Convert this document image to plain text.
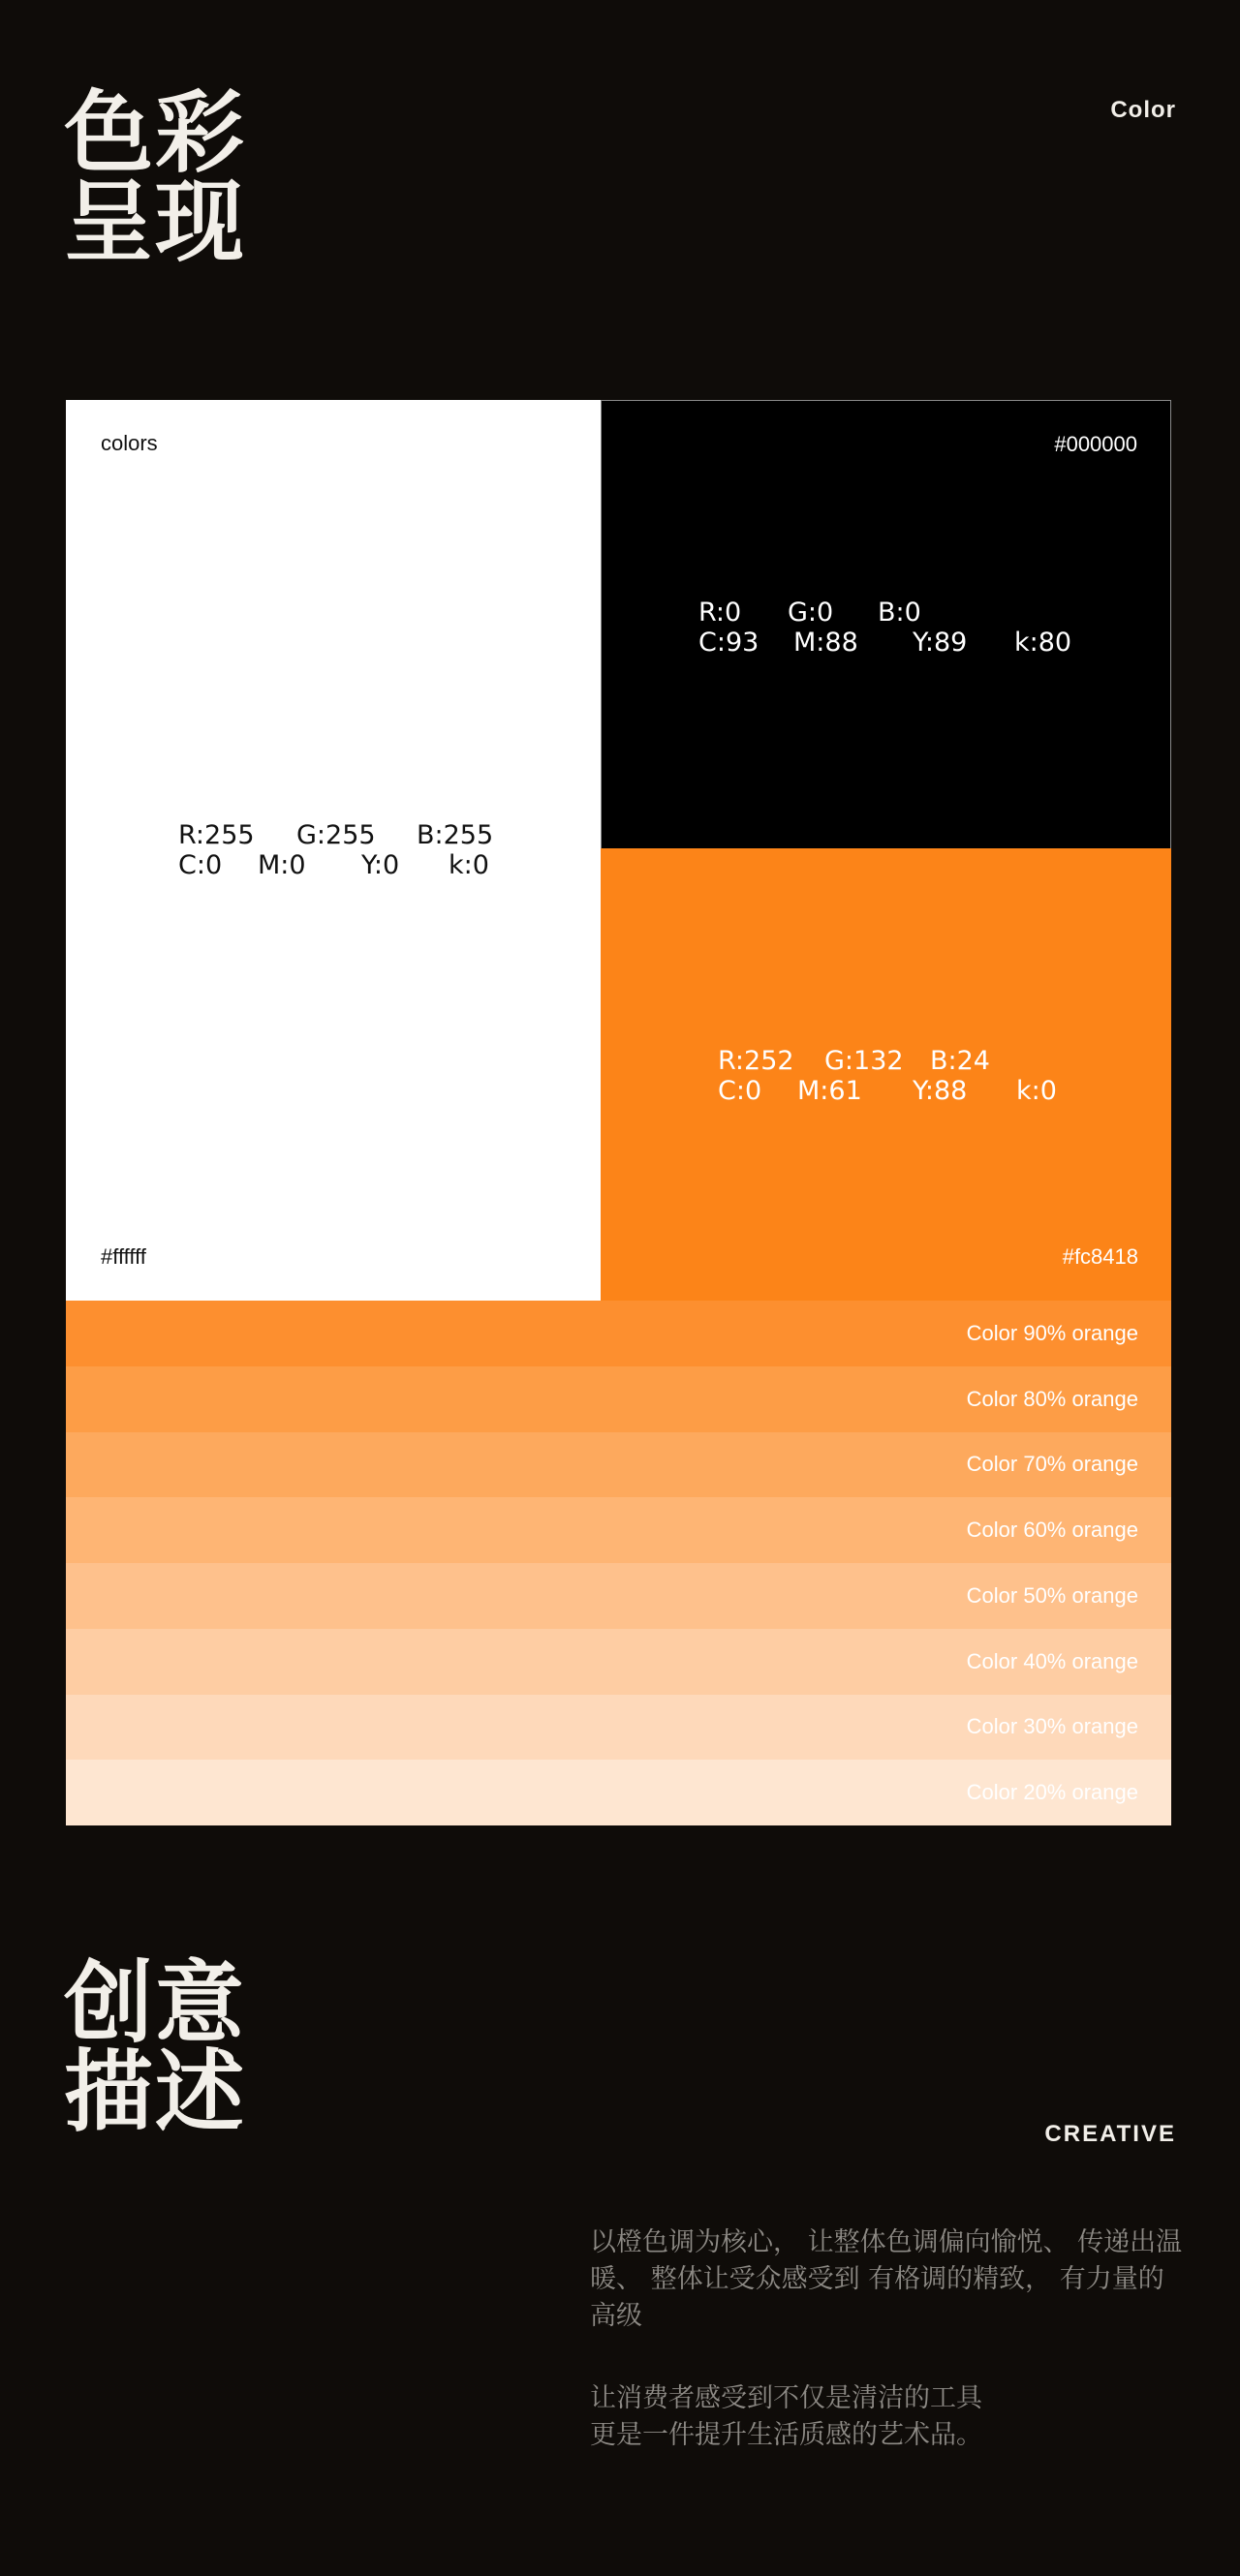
色彩
呈现
Color
colors
R:255	G:255	B:255
C:0	M:0	Y:0	k:0
#ffffff
#000000
R:0	G:0	B:0
C:93	M:88	Y:89	k:80
R:252	G:132	B:24
C:0	M:61	Y:88	k:0
#fc8418
Color 90% orange
Color 80% orange
Color 70% orange
Color 60% orange
Color 50% orange
Color 40% orange
Color 30% orange
Color 20% orange
创意
描述	CREATIVE

以橙色调为核心， 让整体色调偏向愉悦、 传递出温暖、 整体让受众感受到 有格调的精致， 有力量的高级

让消费者感受到不仅是清洁的工具
更是一件提升生活质感的艺术品。
